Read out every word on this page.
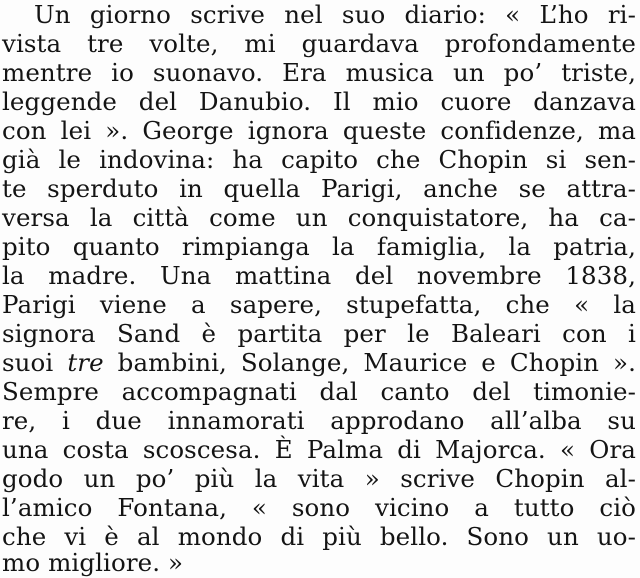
Un giorno scrive nel suo diario: « L’ho ri-
vista tre volte, mi guardava profondamente
mentre io suonavo. Era musica un po’ triste,
leggende del Danubio. Il mio cuore danzava
con lei ». George ignora queste confidenze, ma
già le indovina: ha capito che Chopin si sen-
te sperduto in quella Parigi, anche se attra-
versa la città come un conquistatore, ha ca-
pito quanto rimpianga la famiglia, la patria,
la madre. Una mattina del novembre 1838,
Parigi viene a sapere, stupefatta, che « la
signora Sand è partita per le Baleari con i
suoi tre bambini, Solange, Maurice e Chopin ».
Sempre accompagnati dal canto del timonie-
re, i due innamorati approdano all’alba su
una costa scoscesa. È Palma di Majorca. « Ora
godo un po’ più la vita » scrive Chopin al-
l’amico Fontana, « sono vicino a tutto ciò
che vi è al mondo di più bello. Sono un uo-
mo migliore. »
